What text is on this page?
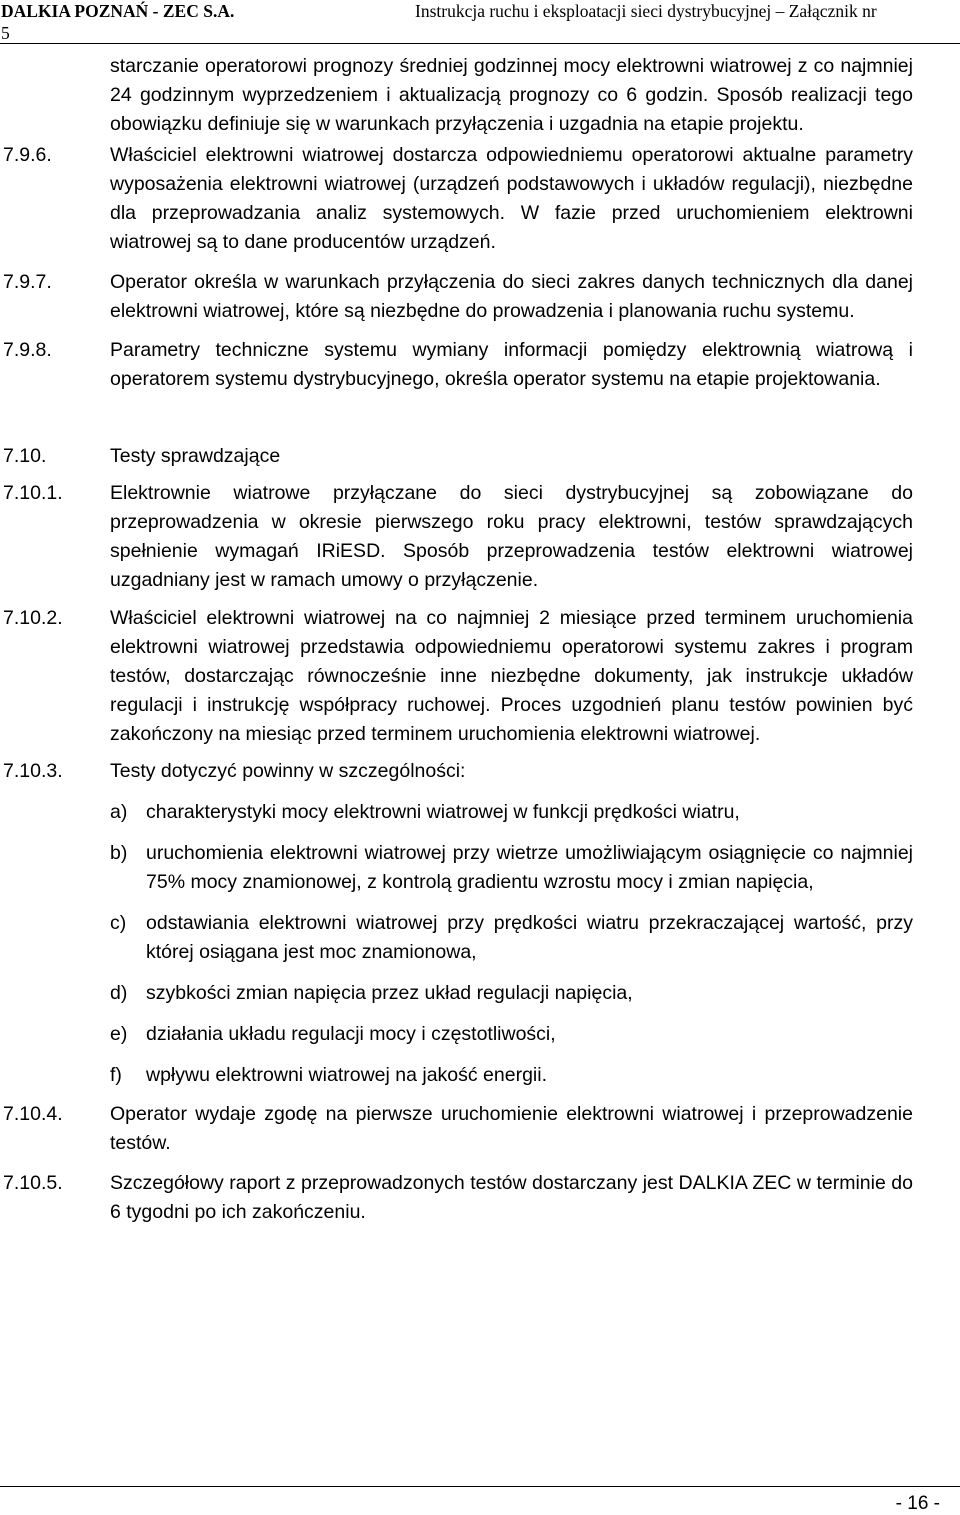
DALKIA POZNAŃ - ZEC S.A.	Instrukcja ruchu i eksploatacji sieci dystrybucyjnej – Załącznik nr
5
starczanie operatorowi prognozy średniej godzinnej mocy elektrowni wiatrowej z co najmniej 24 godzinnym wyprzedzeniem i aktualizacją prognozy co 6 godzin. Sposób realizacji tego obowiązku definiuje się w warunkach przyłączenia i uzgadnia na etapie projektu.
7.9.6.	Właściciel elektrowni wiatrowej dostarcza odpowiedniemu operatorowi aktualne parametry wyposażenia elektrowni wiatrowej (urządzeń podstawowych i układów regulacji), niezbędne dla przeprowadzania analiz systemowych. W fazie przed uruchomieniem elektrowni wiatrowej są to dane producentów urządzeń.
7.9.7.	Operator określa w warunkach przyłączenia do sieci zakres danych technicznych dla danej elektrowni wiatrowej, które są niezbędne do prowadzenia i planowania ruchu systemu.
7.9.8.	Parametry techniczne systemu wymiany informacji pomiędzy elektrownią wiatrową i operatorem systemu dystrybucyjnego, określa operator systemu na etapie projektowania.
7.10.	Testy sprawdzające
7.10.1. Elektrownie wiatrowe przyłączane do sieci dystrybucyjnej są zobowiązane do przeprowadzenia w okresie pierwszego roku pracy elektrowni, testów sprawdzających spełnienie wymagań IRiESD. Sposób przeprowadzenia testów elektrowni wiatrowej uzgadniany jest w ramach umowy o przyłączenie.
7.10.2. Właściciel elektrowni wiatrowej na co najmniej 2 miesiące przed terminem uruchomienia elektrowni wiatrowej przedstawia odpowiedniemu operatorowi systemu zakres i program testów, dostarczając równocześnie inne niezbędne dokumenty, jak instrukcje układów regulacji i instrukcję współpracy ruchowej. Proces uzgodnień planu testów powinien być zakończony na miesiąc przed terminem uruchomienia elektrowni wiatrowej.
7.10.3. Testy dotyczyć powinny w szczególności:
a) charakterystyki mocy elektrowni wiatrowej w funkcji prędkości wiatru,
b) uruchomienia elektrowni wiatrowej przy wietrze umożliwiającym osiągnięcie co najmniej 75% mocy znamionowej, z kontrolą gradientu wzrostu mocy i zmian napięcia,
c) odstawiania elektrowni wiatrowej przy prędkości wiatru przekraczającej wartość, przy której osiągana jest moc znamionowa,
d) szybkości zmian napięcia przez układ regulacji napięcia,
e) działania układu regulacji mocy i częstotliwości,
f) wpływu elektrowni wiatrowej na jakość energii.
7.10.4. Operator wydaje zgodę na pierwsze uruchomienie elektrowni wiatrowej i przeprowadzenie testów.
7.10.5. Szczegółowy raport z przeprowadzonych testów dostarczany jest DALKIA ZEC w terminie do 6 tygodni po ich zakończeniu.
- 16 -
